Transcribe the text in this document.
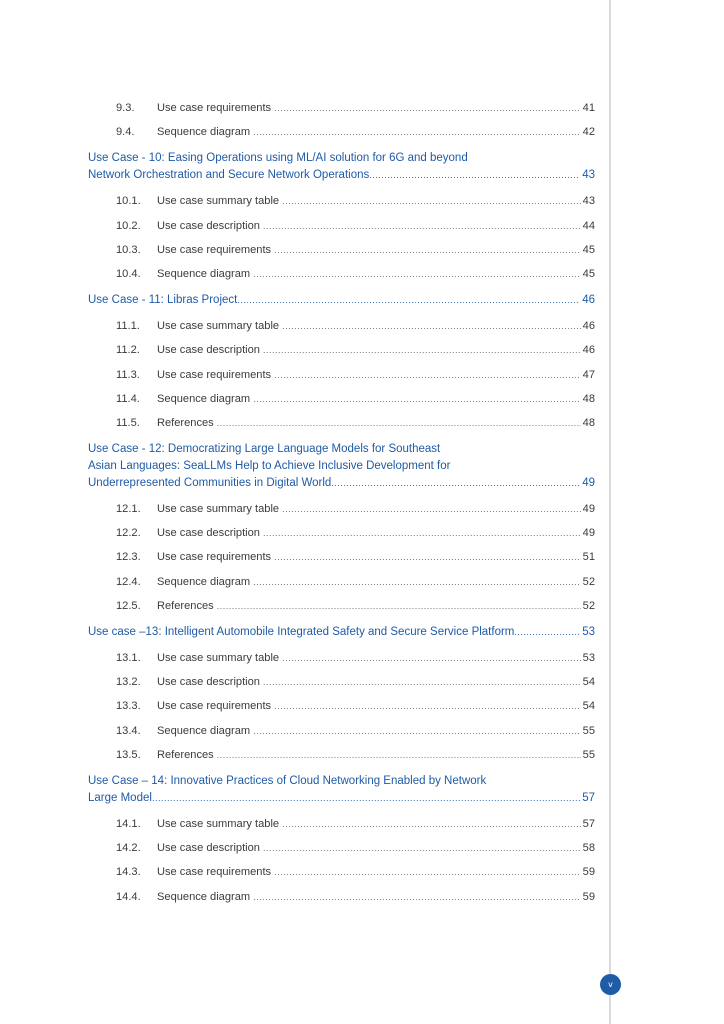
9.3.	Use case requirements .....	41
9.4.	Sequence diagram .....	42
Use Case - 10: Easing Operations using ML/AI solution for 6G and beyond
Network Orchestration and Secure Network Operations .....	43
10.1.	Use case summary table .....	43
10.2.	Use case description .....	44
10.3.	Use case requirements .....	45
10.4.	Sequence diagram .....	45
Use Case - 11: Libras Project .....	46
11.1.	Use case summary table .....	46
11.2.	Use case description .....	46
11.3.	Use case requirements .....	47
11.4.	Sequence diagram .....	48
11.5.	References .....	48
Use Case - 12: Democratizing Large Language Models for Southeast
Asian Languages: SeaLLMs Help to Achieve Inclusive Development for
Underrepresented Communities in Digital World .....	49
12.1.	Use case summary table .....	49
12.2.	Use case description .....	49
12.3.	Use case requirements .....	51
12.4.	Sequence diagram .....	52
12.5.	References .....	52
Use case –13: Intelligent Automobile Integrated Safety and Secure Service Platform .....	53
13.1.	Use case summary table .....	53
13.2.	Use case description .....	54
13.3.	Use case requirements .....	54
13.4.	Sequence diagram .....	55
13.5.	References .....	55
Use Case – 14: Innovative Practices of Cloud Networking Enabled by Network
Large Model .....	57
14.1.	Use case summary table .....	57
14.2.	Use case description .....	58
14.3.	Use case requirements .....	59
14.4.	Sequence diagram .....	59
v
